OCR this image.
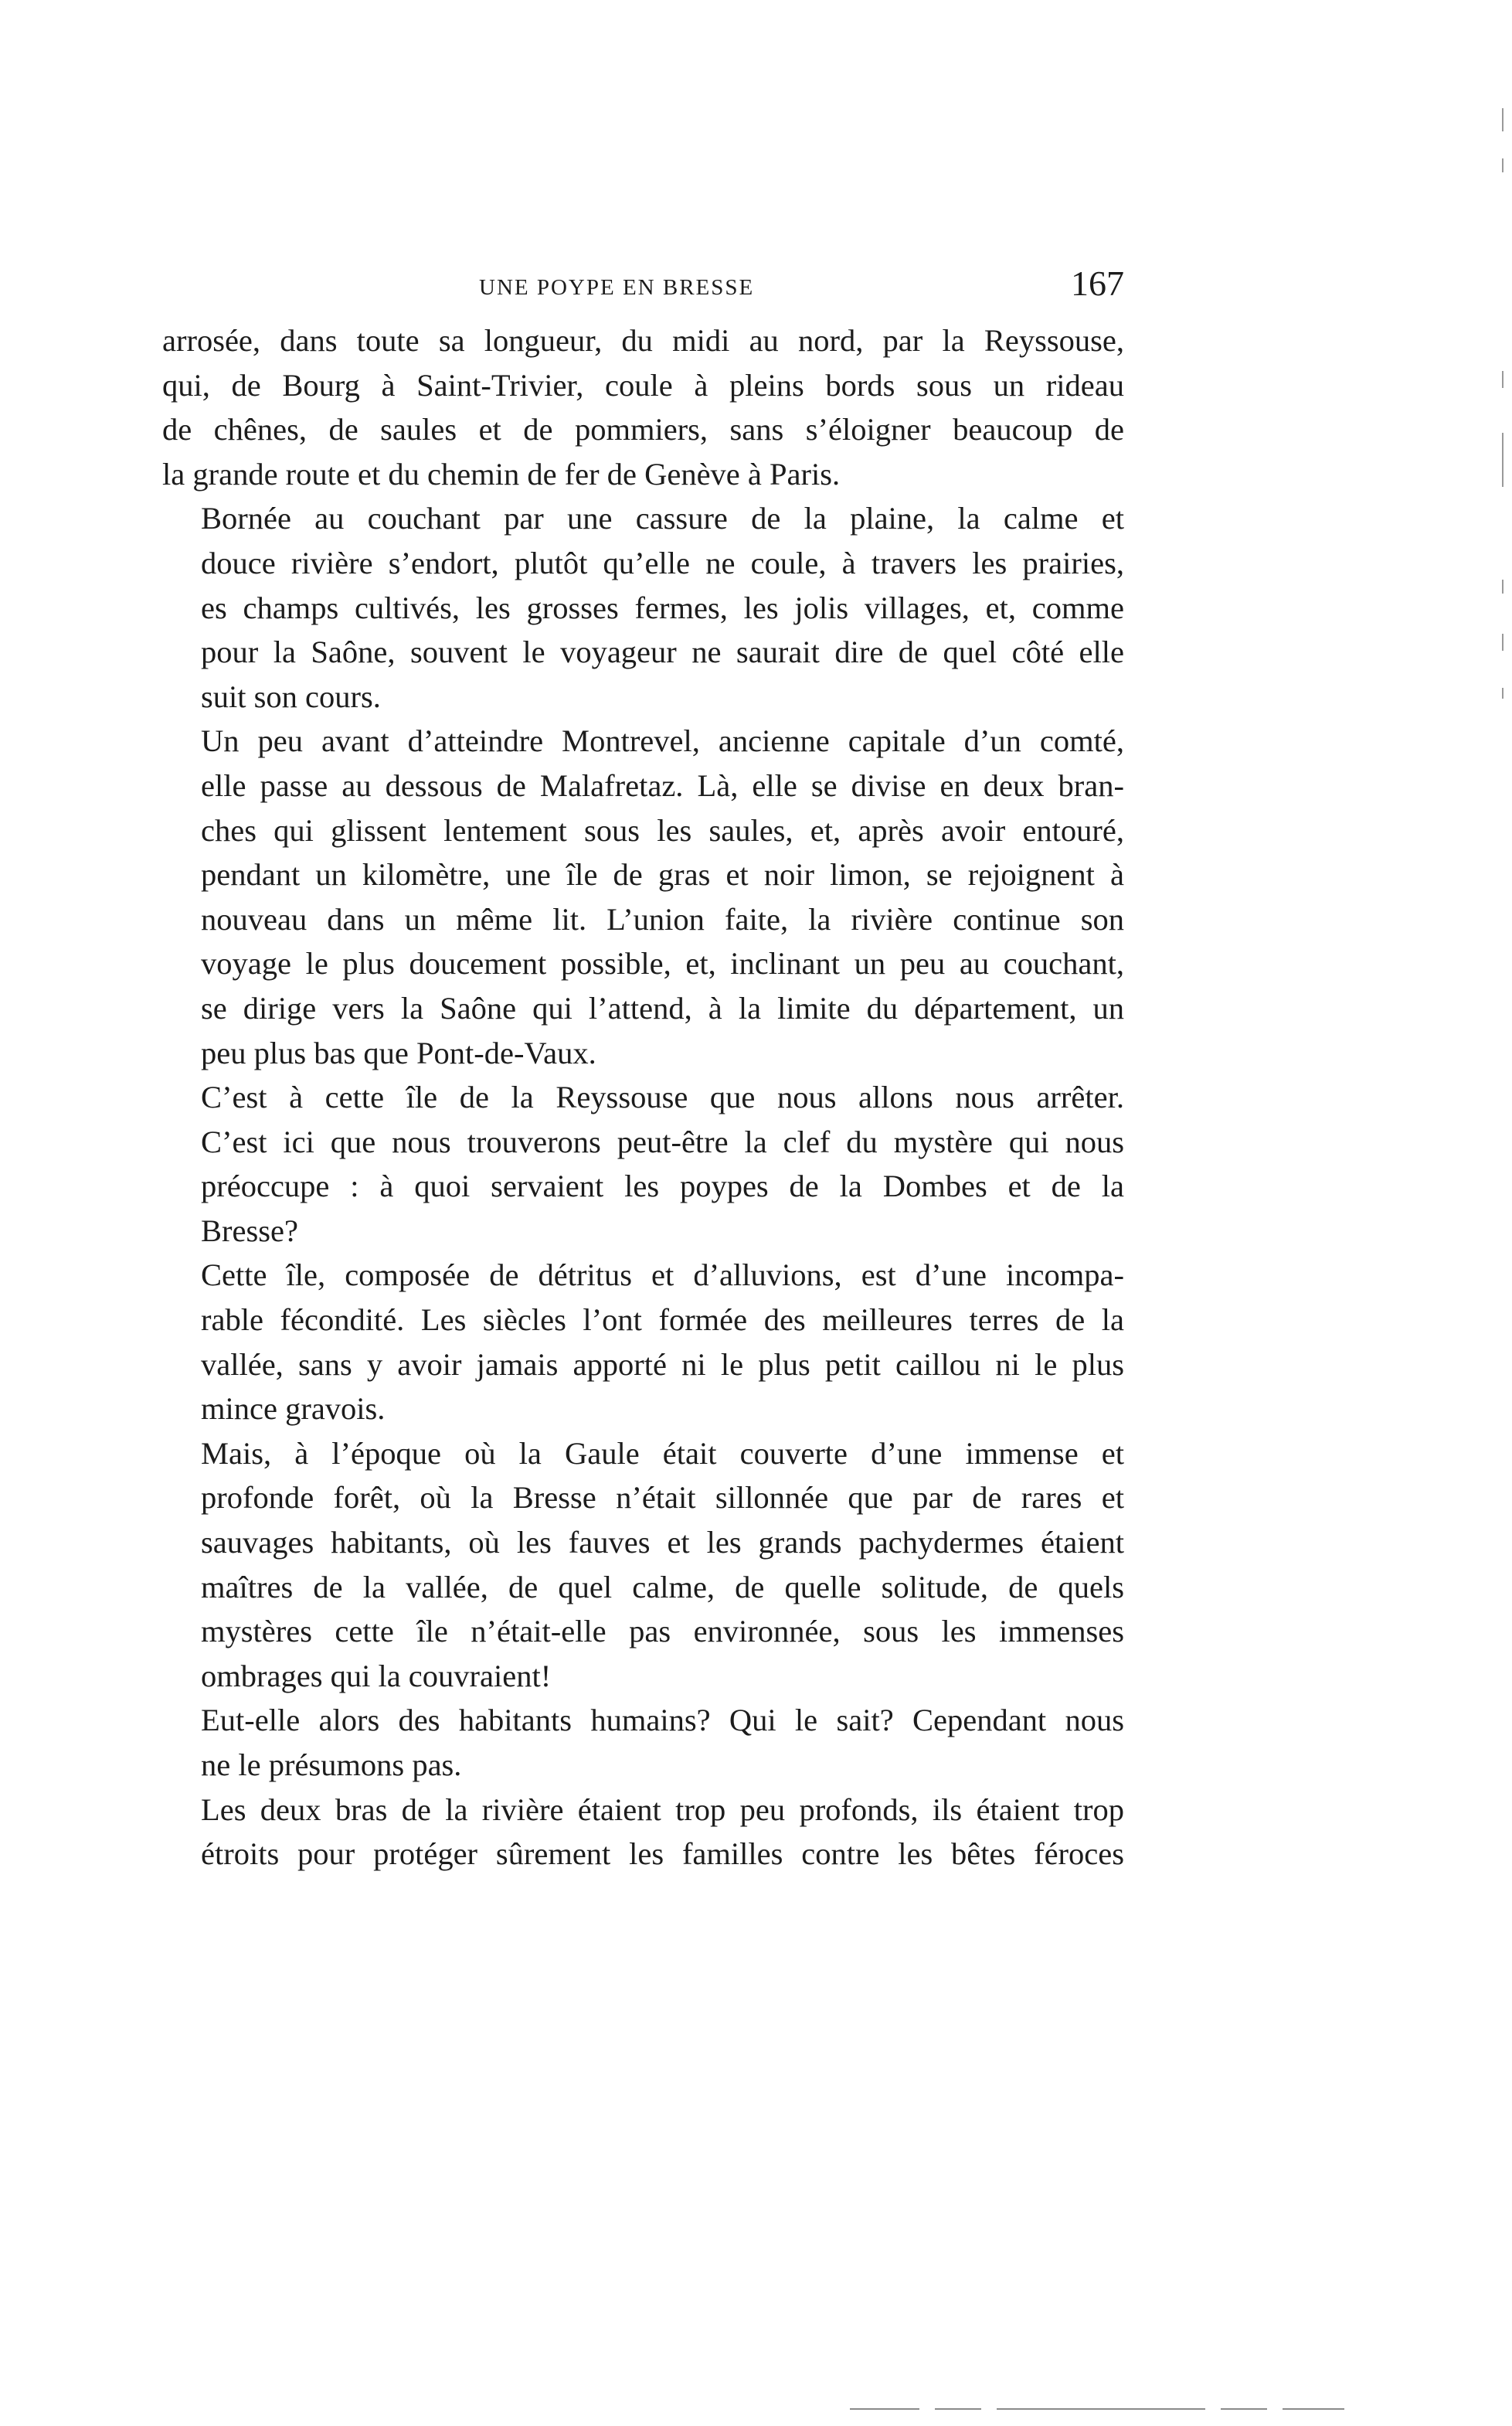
UNE POYPE EN BRESSE	167
arrosée, dans toute sa longueur, du midi au nord, par la Reyssouse,
qui, de Bourg à Saint-Trivier, coule à pleins bords sous un rideau
de chênes, de saules et de pommiers, sans s’éloigner beaucoup de
la grande route et du chemin de fer de Genève à Paris.
Bornée au couchant par une cassure de la plaine, la calme et
douce rivière s’endort, plutôt qu’elle ne coule, à travers les prairies,
es champs cultivés, les grosses fermes, les jolis villages, et, comme
pour la Saône, souvent le voyageur ne saurait dire de quel côté elle
suit son cours.
Un peu avant d’atteindre Montrevel, ancienne capitale d’un comté,
elle passe au dessous de Malafretaz. Là, elle se divise en deux bran-
ches qui glissent lentement sous les saules, et, après avoir entouré,
pendant un kilomètre, une île de gras et noir limon, se rejoignent à
nouveau dans un même lit. L’union faite, la rivière continue son
voyage le plus doucement possible, et, inclinant un peu au couchant,
se dirige vers la Saône qui l’attend, à la limite du département, un
peu plus bas que Pont-de-Vaux.
C’est à cette île de la Reyssouse que nous allons nous arrêter.
C’est ici que nous trouverons peut-être la clef du mystère qui nous
préoccupe : à quoi servaient les poypes de la Dombes et de la
Bresse?
Cette île, composée de détritus et d’alluvions, est d’une incompa-
rable fécondité. Les siècles l’ont formée des meilleures terres de la
vallée, sans y avoir jamais apporté ni le plus petit caillou ni le plus
mince gravois.
Mais, à l’époque où la Gaule était couverte d’une immense et
profonde forêt, où la Bresse n’était sillonnée que par de rares et
sauvages habitants, où les fauves et les grands pachydermes étaient
maîtres de la vallée, de quel calme, de quelle solitude, de quels
mystères cette île n’était-elle pas environnée, sous les immenses
ombrages qui la couvraient!
Eut-elle alors des habitants humains? Qui le sait? Cependant nous
ne le présumons pas.
Les deux bras de la rivière étaient trop peu profonds, ils étaient trop
étroits pour protéger sûrement les familles contre les bêtes féroces
